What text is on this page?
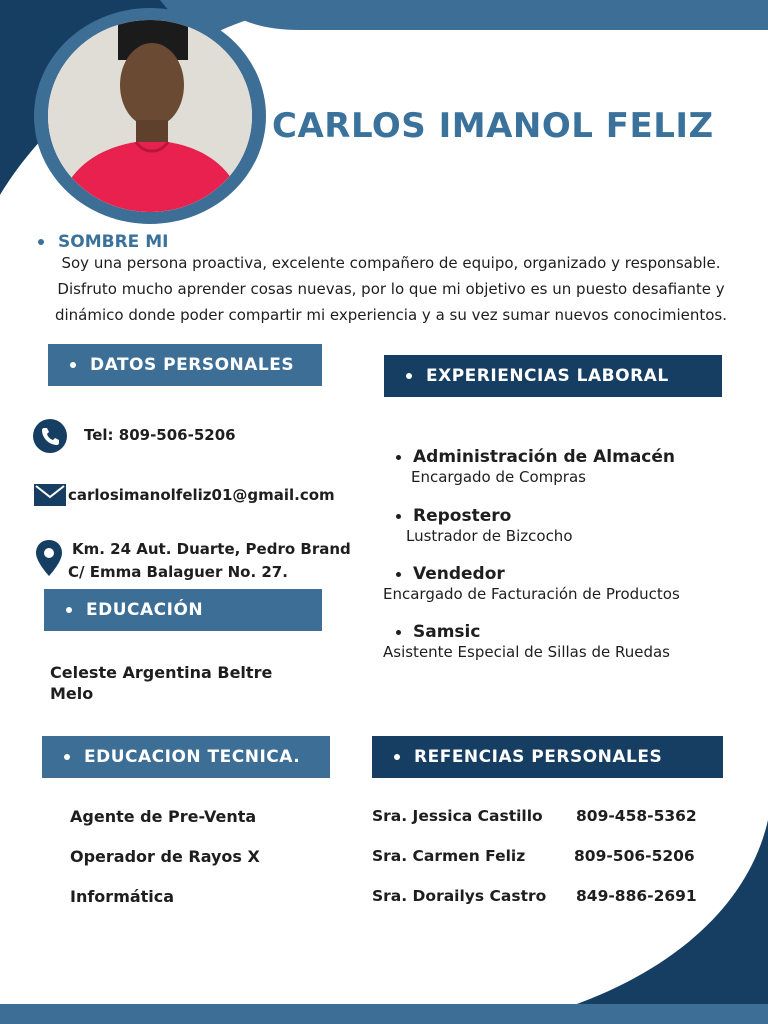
CARLOS IMANOL FELIZ
SOMBRE MI
Soy una persona proactiva, excelente compañero de equipo, organizado y responsable.
Disfruto mucho aprender cosas nuevas, por lo que mi objetivo es un puesto desafiante y
dinámico donde poder compartir mi experiencia y a su vez sumar nuevos conocimientos.
DATOS PERSONALES
Tel: 809-506-5206
carlosimanolfeliz01@gmail.com
Km. 24 Aut. Duarte, Pedro Brand
C/ Emma Balaguer No. 27.
EDUCACIÓN
Celeste Argentina Beltre
Melo
EDUCACION TECNICA.
Agente de Pre-Venta
Operador de Rayos X
Informática
EXPERIENCIAS LABORAL
Administración de Almacén
Encargado de Compras
Repostero
Lustrador de Bizcocho
Vendedor
Encargado de Facturación de Productos
Samsic
Asistente Especial de Sillas de Ruedas
REFENCIAS PERSONALES
Sra. Jessica Castillo 809-458-5362
Sra. Carmen Feliz	809-506-5206
Sra. Dorailys Castro 849-886-2691
